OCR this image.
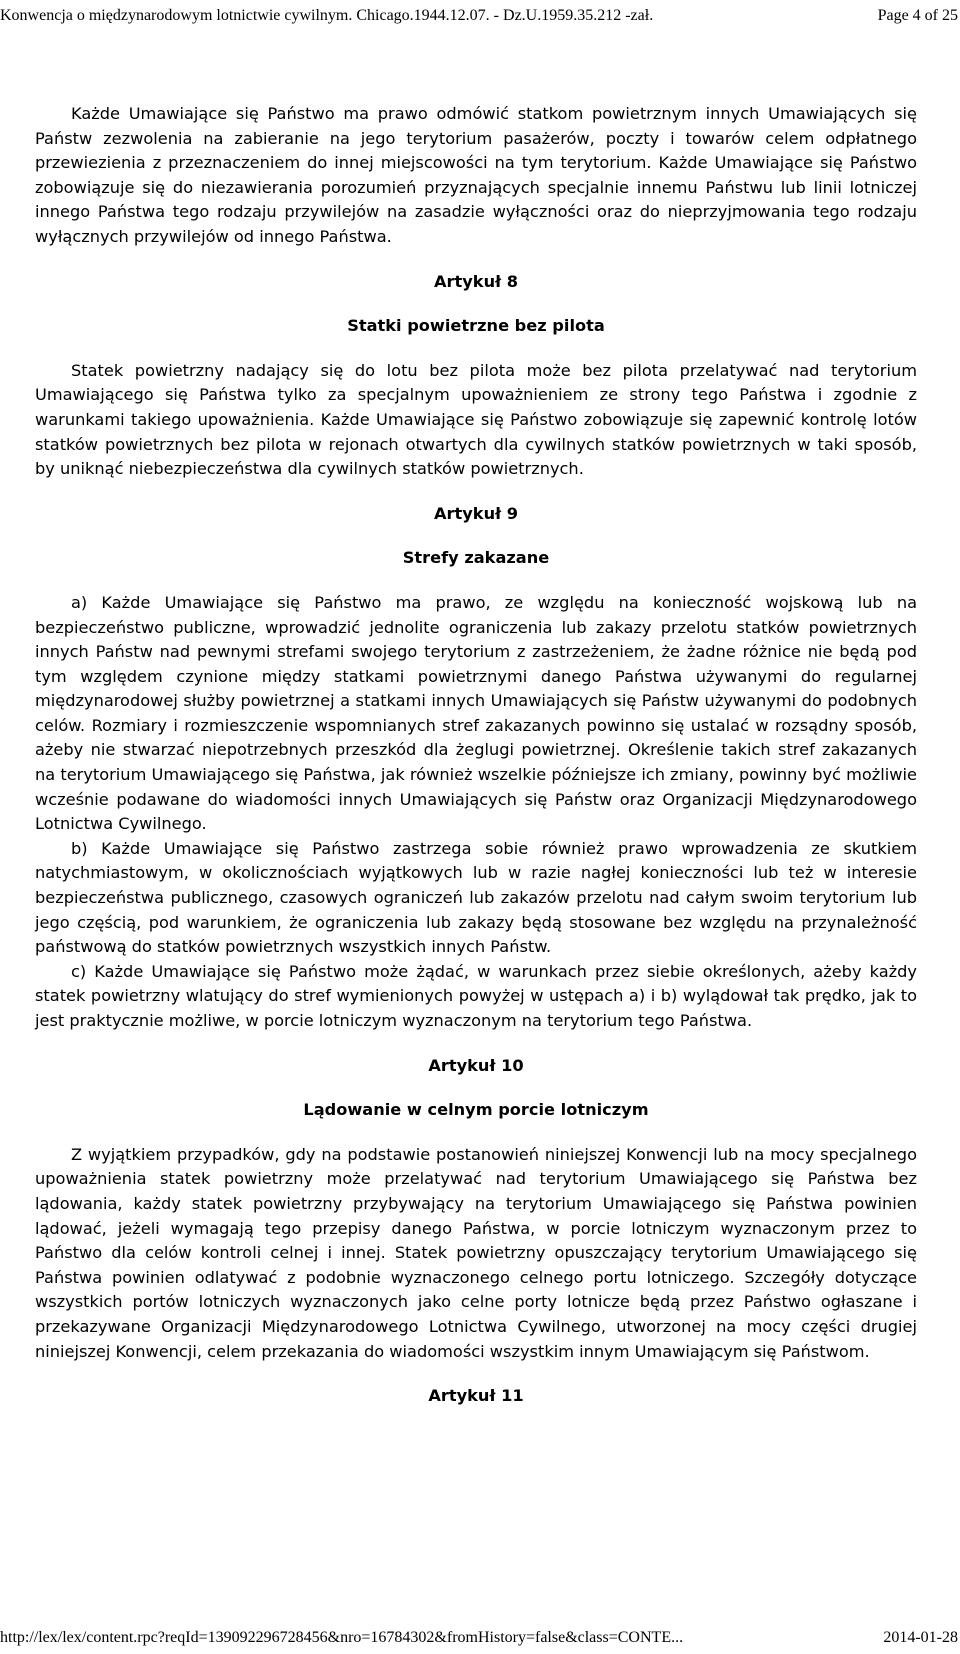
Konwencja o międzynarodowym lotnictwie cywilnym. Chicago.1944.12.07. - Dz.U.1959.35.212 -zał.	Page 4 of 25

Każde Umawiające się Państwo ma prawo odmówić statkom powietrznym innych Umawiających się Państw zezwolenia na zabieranie na jego terytorium pasażerów, poczty i towarów celem odpłatnego przewiezienia z przeznaczeniem do innej miejscowości na tym terytorium. Każde Umawiające się Państwo zobowiązuje się do niezawierania porozumień przyznających specjalnie innemu Państwu lub linii lotniczej innego Państwa tego rodzaju przywilejów na zasadzie wyłączności oraz do nieprzyjmowania tego rodzaju wyłącznych przywilejów od innego Państwa.

Artykuł 8
Statki powietrzne bez pilota

Statek powietrzny nadający się do lotu bez pilota może bez pilota przelatywać nad terytorium Umawiającego się Państwa tylko za specjalnym upoważnieniem ze strony tego Państwa i zgodnie z warunkami takiego upoważnienia. Każde Umawiające się Państwo zobowiązuje się zapewnić kontrolę lotów statków powietrznych bez pilota w rejonach otwartych dla cywilnych statków powietrznych w taki sposób, by uniknąć niebezpieczeństwa dla cywilnych statków powietrznych.

Artykuł 9
Strefy zakazane

a) Każde Umawiające się Państwo ma prawo, ze względu na konieczność wojskową lub na bezpieczeństwo publiczne, wprowadzić jednolite ograniczenia lub zakazy przelotu statków powietrznych innych Państw nad pewnymi strefami swojego terytorium z zastrzeżeniem, że żadne różnice nie będą pod tym względem czynione między statkami powietrznymi danego Państwa używanymi do regularnej międzynarodowej służby powietrznej a statkami innych Umawiających się Państw używanymi do podobnych celów. Rozmiary i rozmieszczenie wspomnianych stref zakazanych powinno się ustalać w rozsądny sposób, ażeby nie stwarzać niepotrzebnych przeszkód dla żeglugi powietrznej. Określenie takich stref zakazanych na terytorium Umawiającego się Państwa, jak również wszelkie późniejsze ich zmiany, powinny być możliwie wcześnie podawane do wiadomości innych Umawiających się Państw oraz Organizacji Międzynarodowego Lotnictwa Cywilnego.

b) Każde Umawiające się Państwo zastrzega sobie również prawo wprowadzenia ze skutkiem natychmiastowym, w okolicznościach wyjątkowych lub w razie nagłej konieczności lub też w interesie bezpieczeństwa publicznego, czasowych ograniczeń lub zakazów przelotu nad całym swoim terytorium lub jego częścią, pod warunkiem, że ograniczenia lub zakazy będą stosowane bez względu na przynależność państwową do statków powietrznych wszystkich innych Państw.

c) Każde Umawiające się Państwo może żądać, w warunkach przez siebie określonych, ażeby każdy statek powietrzny wlatujący do stref wymienionych powyżej w ustępach a) i b) wylądował tak prędko, jak to jest praktycznie możliwe, w porcie lotniczym wyznaczonym na terytorium tego Państwa.

Artykuł 10
Lądowanie w celnym porcie lotniczym

Z wyjątkiem przypadków, gdy na podstawie postanowień niniejszej Konwencji lub na mocy specjalnego upoważnienia statek powietrzny może przelatywać nad terytorium Umawiającego się Państwa bez lądowania, każdy statek powietrzny przybywający na terytorium Umawiającego się Państwa powinien lądować, jeżeli wymagają tego przepisy danego Państwa, w porcie lotniczym wyznaczonym przez to Państwo dla celów kontroli celnej i innej. Statek powietrzny opuszczający terytorium Umawiającego się Państwa powinien odlatywać z podobnie wyznaczonego celnego portu lotniczego. Szczegóły dotyczące wszystkich portów lotniczych wyznaczonych jako celne porty lotnicze będą przez Państwo ogłaszane i przekazywane Organizacji Międzynarodowego Lotnictwa Cywilnego, utworzonej na mocy części drugiej niniejszej Konwencji, celem przekazania do wiadomości wszystkim innym Umawiającym się Państwom.

Artykuł 11
http://lex/lex/content.rpc?reqId=139092296728456&nro=16784302&fromHistory=false&class=CONTE...	2014-01-28
